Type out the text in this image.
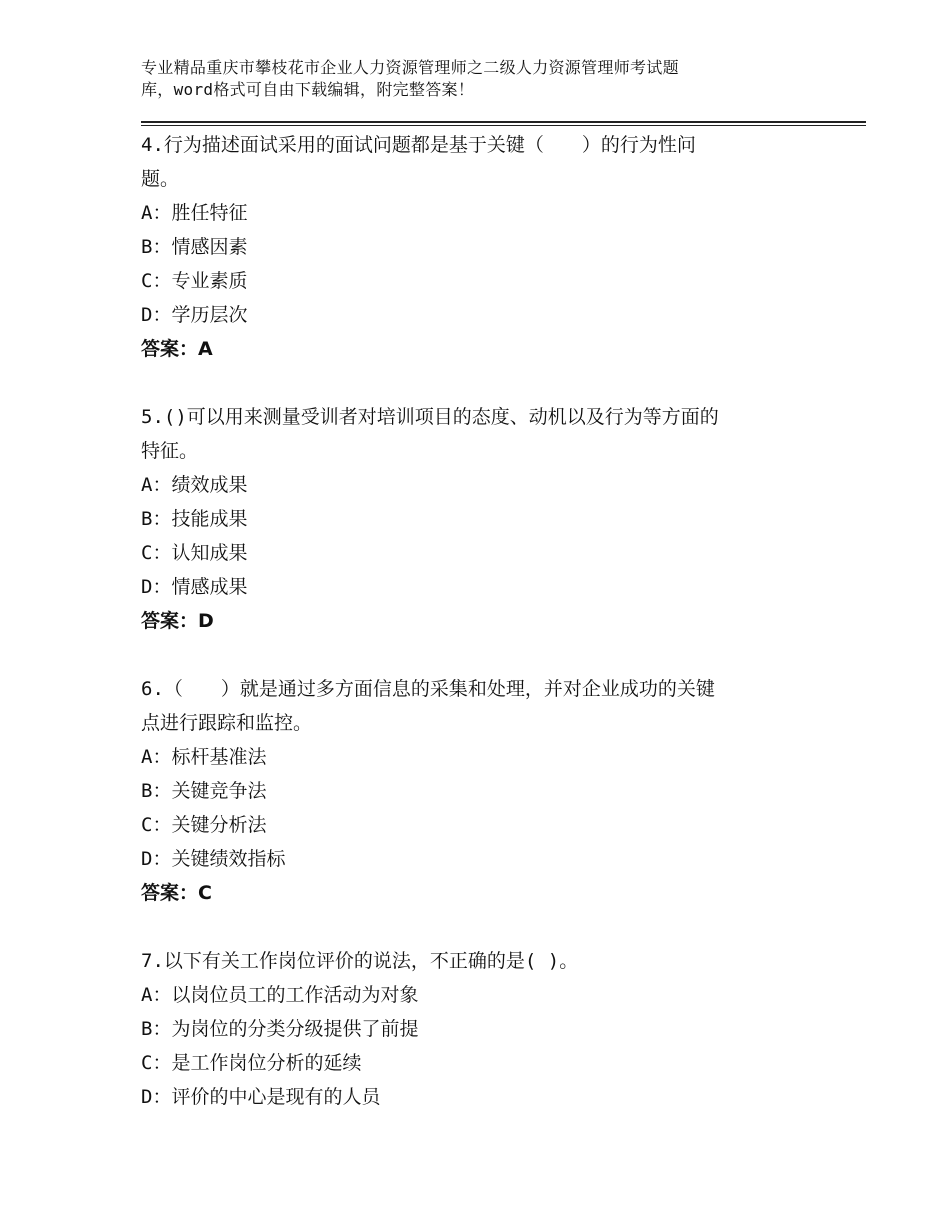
专业精品重庆市攀枝花市企业人力资源管理师之二级人力资源管理师考试题
库，word格式可自由下载编辑，附完整答案！
4.行为描述面试采用的面试问题都是基于关键（　　）的行为性问
题。
A：胜任特征
B：情感因素
C：专业素质
D：学历层次
答案：A
5.()可以用来测量受训者对培训项目的态度、动机以及行为等方面的
特征。
A：绩效成果
B：技能成果
C：认知成果
D：情感成果
答案：D
6.（　　）就是通过多方面信息的采集和处理，并对企业成功的关键
点进行跟踪和监控。
A：标杆基准法
B：关键竞争法
C：关键分析法
D：关键绩效指标
答案：C
7.以下有关工作岗位评价的说法，不正确的是( )。
A：以岗位员工的工作活动为对象
B：为岗位的分类分级提供了前提
C：是工作岗位分析的延续
D：评价的中心是现有的人员
